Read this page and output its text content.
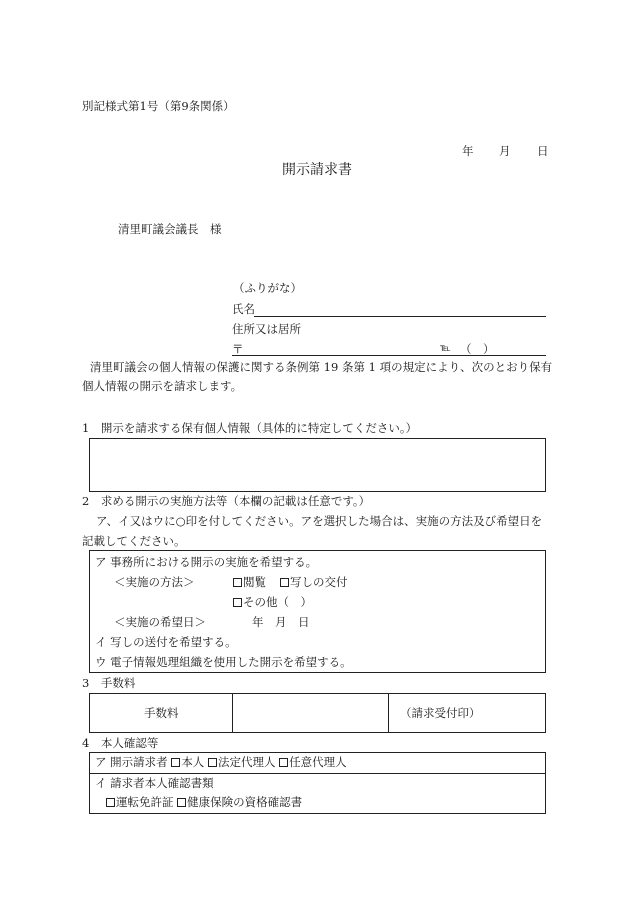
別記様式第1号（第9条関係）
年 月 日
開示請求書
清里町議会議長　様
（ふりがな）
氏名
住所又は居所
〒	℡ （　）
清里町議会の個人情報の保護に関する条例第 19 条第 1 項の規定により、次のとおり保有
個人情報の開示を請求します。
1　開示を請求する保有個人情報（具体的に特定してください。）
2　求める開示の実施方法等（本欄の記載は任意です。）
ア、イ又はウに○印を付してください。アを選択した場合は、実施の方法及び希望日を
記載してください。
ア 事務所における開示の実施を希望する。
＜実施の方法＞	閲覧	写しの交付
その他（　）
＜実施の希望日＞	年　月　日
イ 写しの送付を希望する。
ウ 電子情報処理組織を使用した開示を希望する。
3　手数料
手数料	（請求受付印）
4　本人確認等
ア 開示請求者 本人 法定代理人 任意代理人
イ 請求者本人確認書類
運転免許証 健康保険の資格確認書
